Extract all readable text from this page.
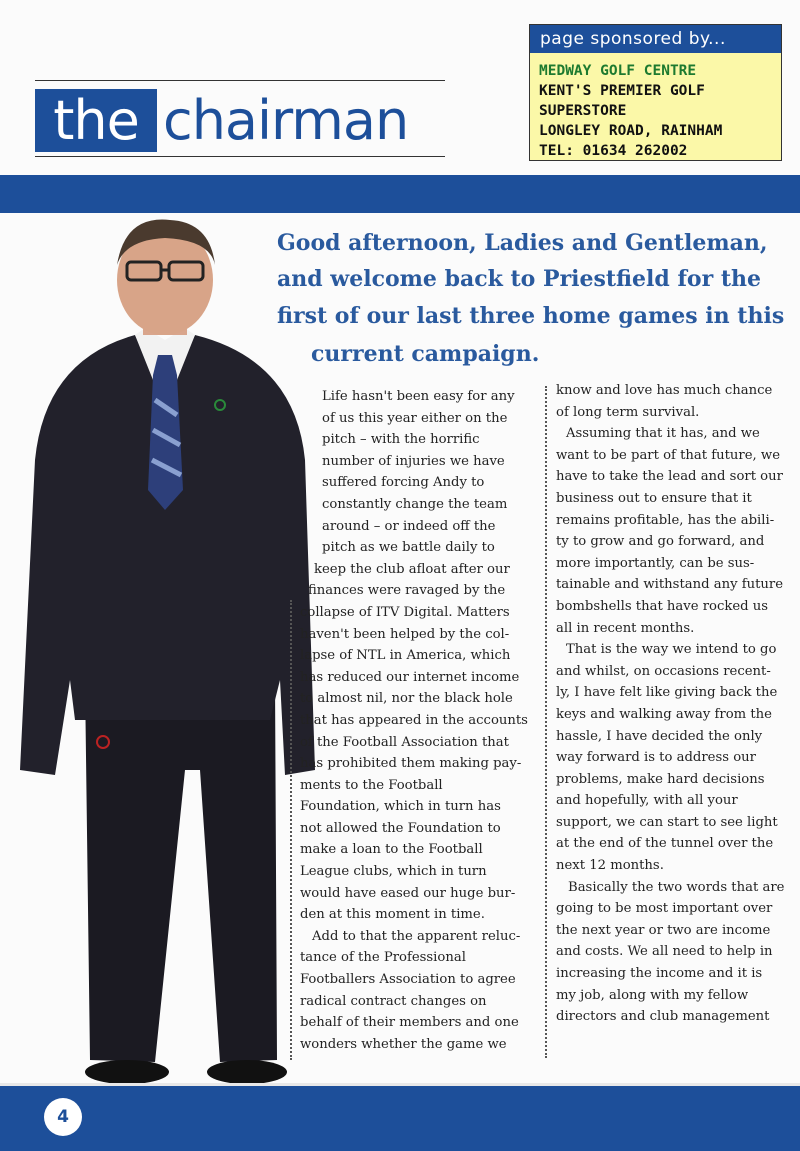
the chairman
page sponsored by...
MEDWAY GOLF CENTRE
KENT'S PREMIER GOLF SUPERSTORE
LONGLEY ROAD, RAINHAM
TEL: 01634 262002
Good afternoon, Ladies and Gentleman,
and welcome back to Priestfield for the
first of our last three home games in this
current campaign.

Life hasn't been easy for any

of us this year either on the

pitch – with the horrific

number of injuries we have

suffered forcing Andy to

constantly change the team

around – or indeed off the

pitch as we battle daily to

keep the club afloat after our

finances were ravaged by the

collapse of ITV Digital. Matters

haven't been helped by the col-

lapse of NTL in America, which

has reduced our internet income

to almost nil, nor the black hole

that has appeared in the accounts

of the Football Association that

has prohibited them making pay-

ments to the Football

Foundation, which in turn has

not allowed the Foundation to

make a loan to the Football

League clubs, which in turn

would have eased our huge bur-

den at this moment in time.

Add to that the apparent reluc-

tance of the Professional

Footballers Association to agree

radical contract changes on

behalf of their members and one

wonders whether the game we

know and love has much chance

of long term survival.

Assuming that it has, and we

want to be part of that future, we

have to take the lead and sort our

business out to ensure that it

remains profitable, has the abili-

ty to grow and go forward, and

more importantly, can be sus-

tainable and withstand any future

bombshells that have rocked us

all in recent months.

That is the way we intend to go

and whilst, on occasions recent-

ly, I have felt like giving back the

keys and walking away from the

hassle, I have decided the only

way forward is to address our

problems, make hard decisions

and hopefully, with all your

support, we can start to see light

at the end of the tunnel over the

next 12 months.

Basically the two words that are

going to be most important over

the next year or two are income

and costs. We all need to help in

increasing the income and it is

my job, along with my fellow

directors and club management

4
